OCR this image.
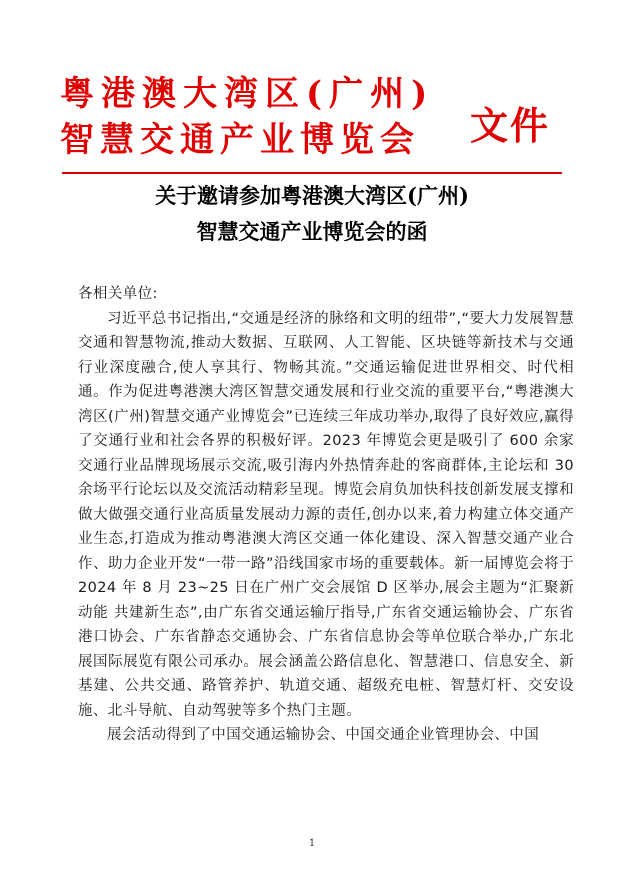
粤港澳大湾区(广州)
智慧交通产业博览会 文件
关于邀请参加粤港澳大湾区(广州)
智慧交通产业博览会的函

各相关单位:

习近平总书记指出,“交通是经济的脉络和文明的纽带”,“要大力发展智慧交通和智慧物流,推动大数据、互联网、人工智能、区块链等新技术与交通行业深度融合,使人享其行、物畅其流。”交通运输促进世界相交、时代相通。作为促进粤港澳大湾区智慧交通发展和行业交流的重要平台,“粤港澳大湾区(广州)智慧交通产业博览会”已连续三年成功举办,取得了良好效应,赢得了交通行业和社会各界的积极好评。2023 年博览会更是吸引了 600 余家交通行业品牌现场展示交流,吸引海内外热情奔赴的客商群体,主论坛和 30 余场平行论坛以及交流活动精彩呈现。博览会肩负加快科技创新发展支撑和做大做强交通行业高质量发展动力源的责任,创办以来,着力构建立体交通产业生态,打造成为推动粤港澳大湾区交通一体化建设、深入智慧交通产业合作、助力企业开发“一带一路”沿线国家市场的重要载体。新一届博览会将于 2024 年 8 月 23~25 日在广州广交会展馆 D 区举办,展会主题为“汇聚新动能 共建新生态”,由广东省交通运输厅指导,广东省交通运输协会、广东省港口协会、广东省静态交通协会、广东省信息协会等单位联合举办,广东北展国际展览有限公司承办。展会涵盖公路信息化、智慧港口、信息安全、新基建、公共交通、路管养护、轨道交通、超级充电桩、智慧灯杆、交安设施、北斗导航、自动驾驶等多个热门主题。

展会活动得到了中国交通运输协会、中国交通企业管理协会、中国

1
